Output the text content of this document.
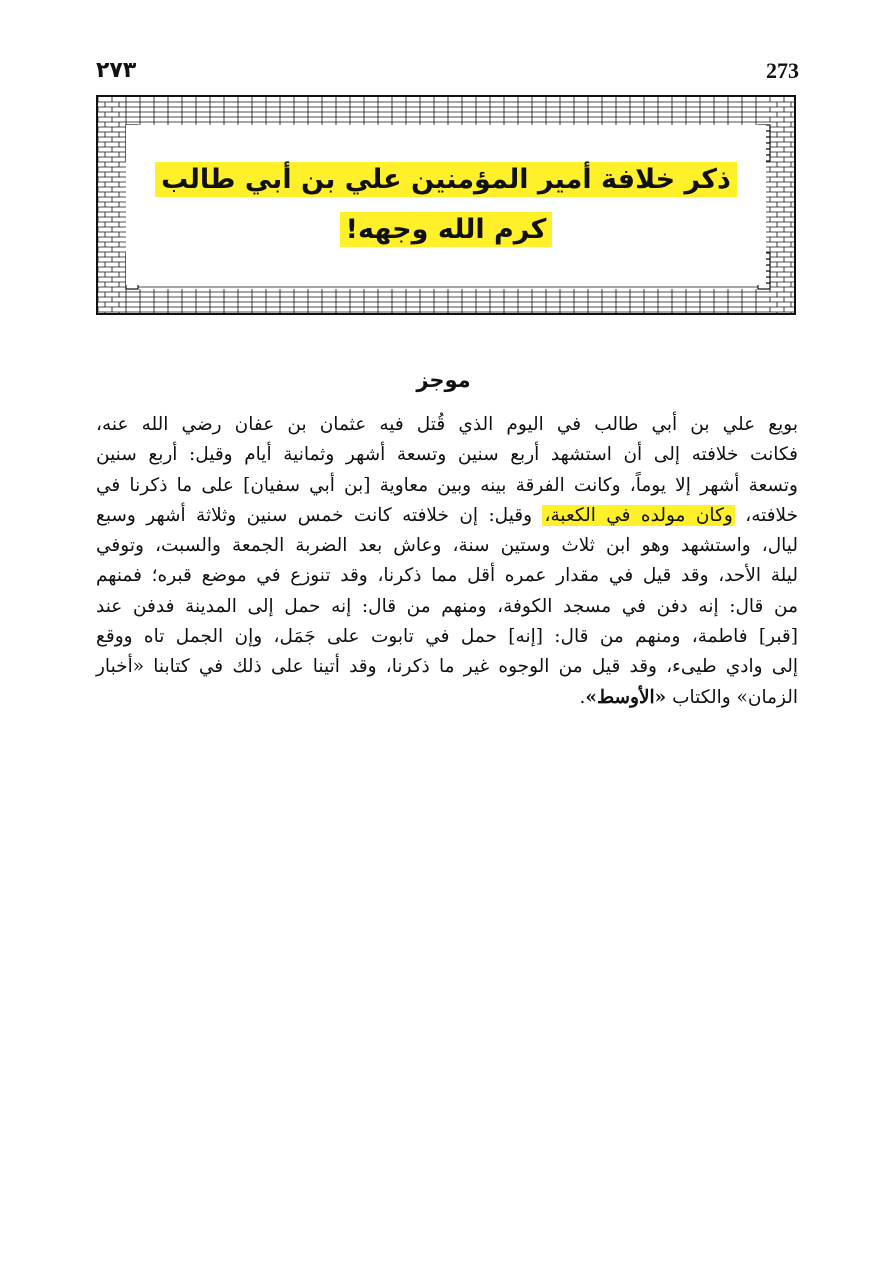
273
٢٧٣
ذكر خلافة أمير المؤمنين علي بن أبي طالب
كرم الله وجهه!
موجز
بويع علي بن أبي طالب في اليوم الذي قُتل فيه عثمان بن عفان رضي الله عنه،
فكانت خلافته إلى أن استشهد أربع سنين وتسعة أشهر وثمانية أيام وقيل: أربع سنين
وتسعة أشهر إلا يوماً، وكانت الفرقة بينه وبين معاوية [بن أبي سفيان] على ما ذكرنا في
خلافته، وكان مولده في الكعبة، وقيل: إن خلافته كانت خمس سنين وثلاثة أشهر وسبع
ليال، واستشهد وهو ابن ثلاث وستين سنة، وعاش بعد الضربة الجمعة والسبت، وتوفي
ليلة الأحد، وقد قيل في مقدار عمره أقل مما ذكرنا، وقد تنوزع في موضع قبره؛ فمنهم
من قال: إنه دفن في مسجد الكوفة، ومنهم من قال: إنه حمل إلى المدينة فدفن عند
[قبر] فاطمة، ومنهم من قال: [إنه] حمل في تابوت على جَمَل، وإن الجمل تاه ووقع
إلى وادي طيىء، وقد قيل من الوجوه غير ما ذكرنا، وقد أتينا على ذلك في كتابنا «أخبار
الزمان» والكتاب «الأوسط».
